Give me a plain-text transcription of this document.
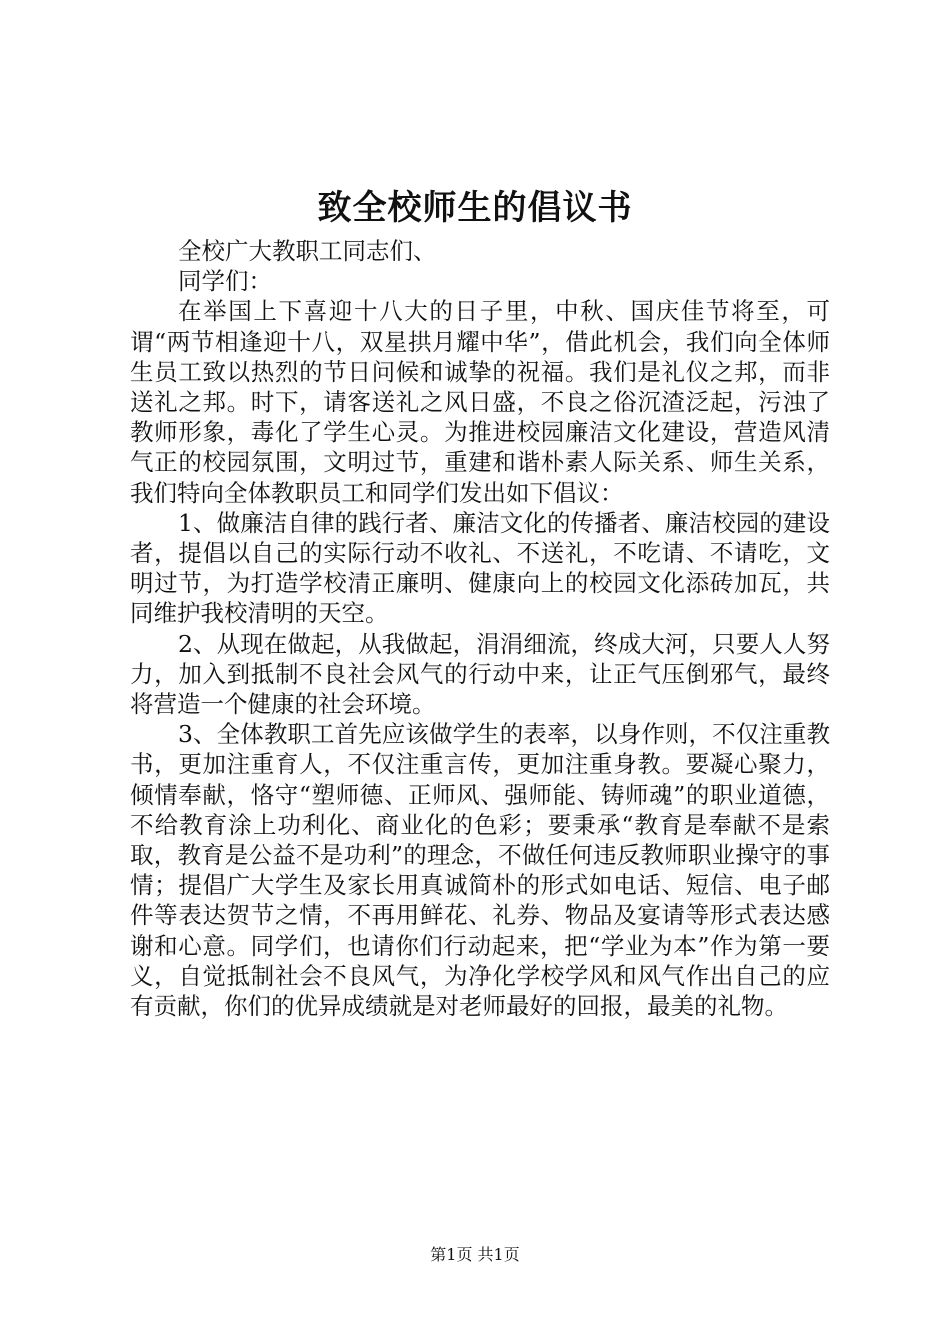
致全校师生的倡议书

全校广大教职工同志们、

同学们：

在举国上下喜迎十八大的日子里，中秋、国庆佳节将至，可谓“两节相逢迎十八，双星拱月耀中华”，借此机会，我们向全体师生员工致以热烈的节日问候和诚挚的祝福。我们是礼仪之邦，而非送礼之邦。时下，请客送礼之风日盛，不良之俗沉渣泛起，污浊了教师形象，毒化了学生心灵。为推进校园廉洁文化建设，营造风清气正的校园氛围，文明过节，重建和谐朴素人际关系、师生关系，我们特向全体教职员工和同学们发出如下倡议：

1、做廉洁自律的践行者、廉洁文化的传播者、廉洁校园的建设者，提倡以自己的实际行动不收礼、不送礼，不吃请、不请吃，文明过节，为打造学校清正廉明、健康向上的校园文化添砖加瓦，共同维护我校清明的天空。

2、从现在做起，从我做起，涓涓细流，终成大河，只要人人努力，加入到抵制不良社会风气的行动中来，让正气压倒邪气，最终将营造一个健康的社会环境。

3、全体教职工首先应该做学生的表率，以身作则，不仅注重教书，更加注重育人，不仅注重言传，更加注重身教。要凝心聚力，倾情奉献，恪守“塑师德、正师风、强师能、铸师魂”的职业道德，不给教育涂上功利化、商业化的色彩；要秉承“教育是奉献不是索取，教育是公益不是功利”的理念，不做任何违反教师职业操守的事情；提倡广大学生及家长用真诚简朴的形式如电话、短信、电子邮件等表达贺节之情，不再用鲜花、礼券、物品及宴请等形式表达感谢和心意。同学们，也请你们行动起来，把“学业为本”作为第一要义，自觉抵制社会不良风气，为净化学校学风和风气作出自己的应有贡献，你们的优异成绩就是对老师最好的回报，最美的礼物。

第1页 共1页
